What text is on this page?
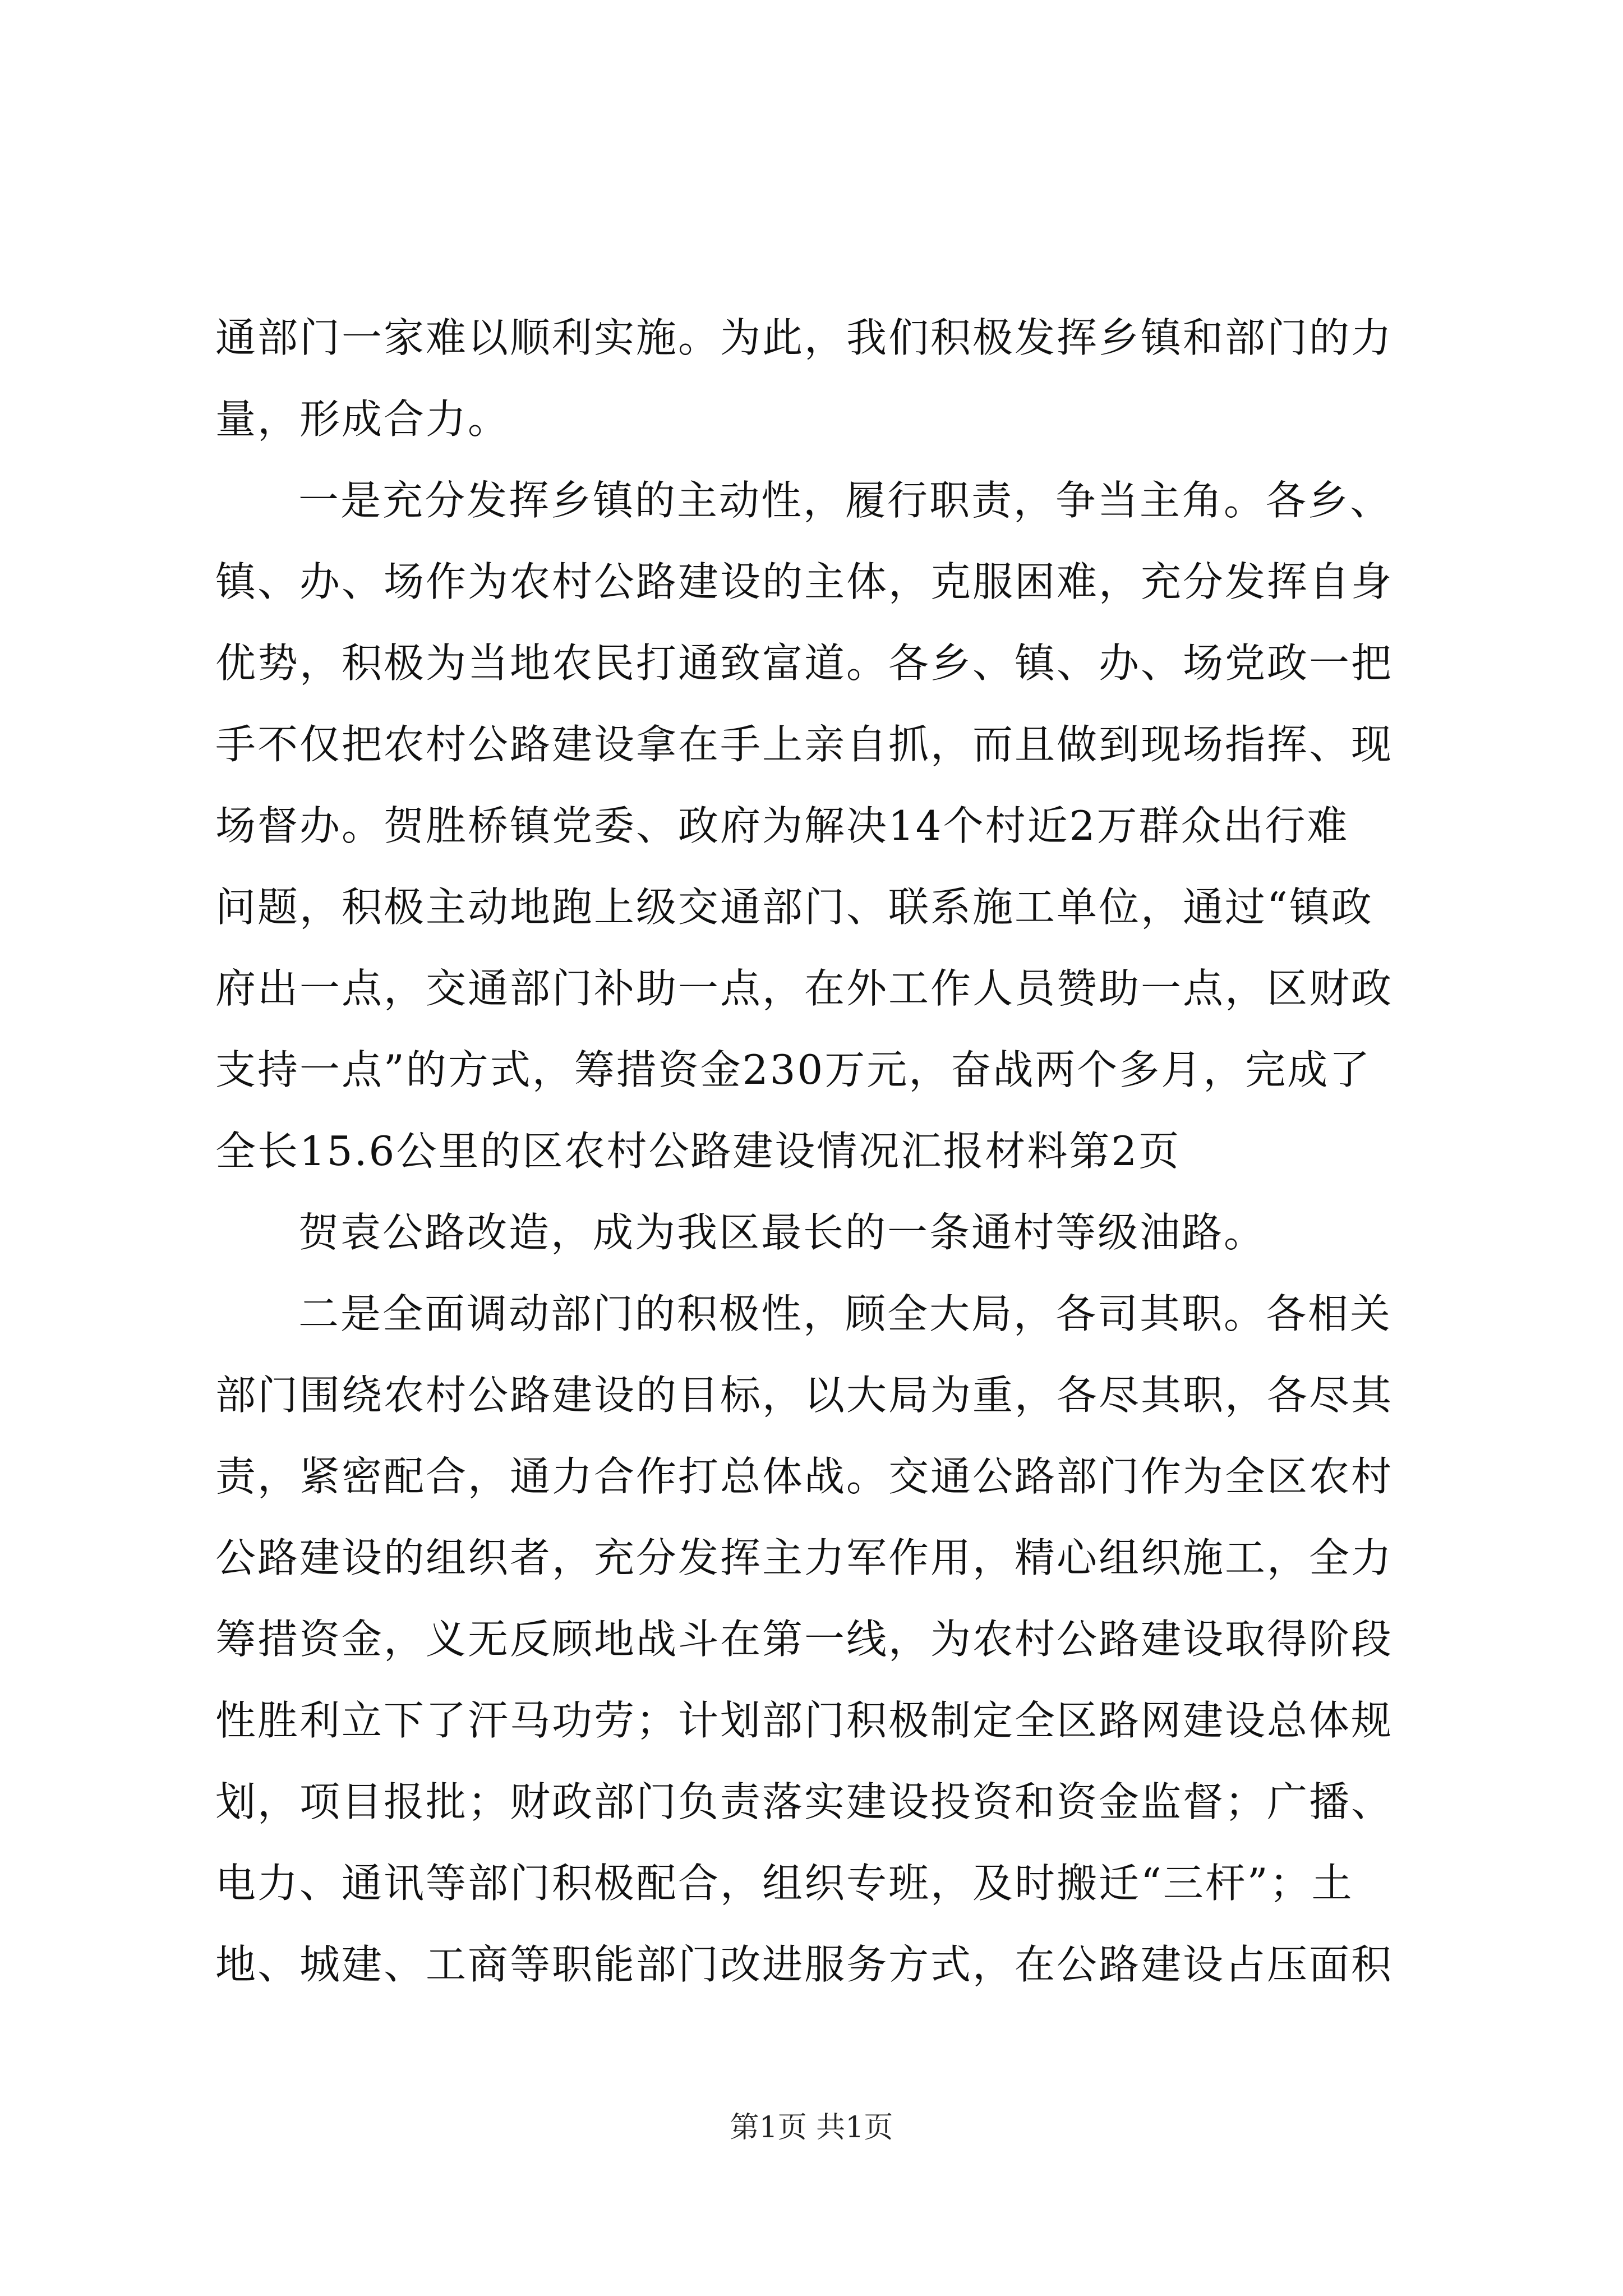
通部门一家难以顺利实施。为此，我们积极发挥乡镇和部门的力
量，形成合力。
一是充分发挥乡镇的主动性，履行职责，争当主角。各乡、
镇、办、场作为农村公路建设的主体，克服困难，充分发挥自身
优势，积极为当地农民打通致富道。各乡、镇、办、场党政一把
手不仅把农村公路建设拿在手上亲自抓，而且做到现场指挥、现
场督办。贺胜桥镇党委、政府为解决14个村近2万群众出行难
问题，积极主动地跑上级交通部门、联系施工单位，通过“镇政
府出一点，交通部门补助一点，在外工作人员赞助一点，区财政
支持一点”的方式，筹措资金230万元，奋战两个多月，完成了
全长15.6公里的区农村公路建设情况汇报材料第2页
贺袁公路改造，成为我区最长的一条通村等级油路。
二是全面调动部门的积极性，顾全大局，各司其职。各相关
部门围绕农村公路建设的目标，以大局为重，各尽其职，各尽其
责，紧密配合，通力合作打总体战。交通公路部门作为全区农村
公路建设的组织者，充分发挥主力军作用，精心组织施工，全力
筹措资金，义无反顾地战斗在第一线，为农村公路建设取得阶段
性胜利立下了汗马功劳；计划部门积极制定全区路网建设总体规
划，项目报批；财政部门负责落实建设投资和资金监督；广播、
电力、通讯等部门积极配合，组织专班，及时搬迁“三杆”；土
地、城建、工商等职能部门改进服务方式，在公路建设占压面积
第1页 共1页
